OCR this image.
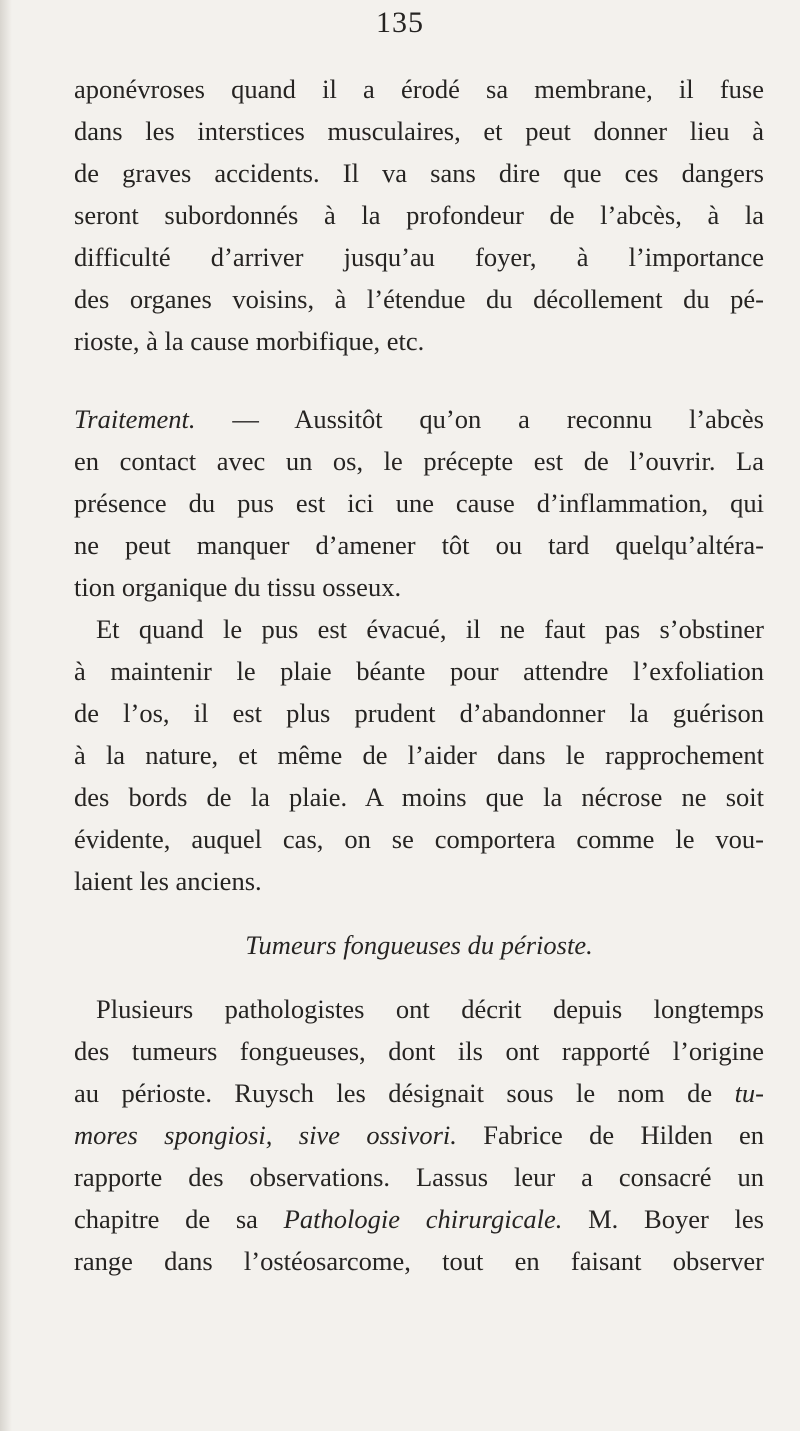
135
aponévroses quand il a érodé sa membrane, il fuse
dans les interstices musculaires, et peut donner lieu à
de graves accidents. Il va sans dire que ces dangers
seront subordonnés à la profondeur de l’abcès, à la
difficulté d’arriver jusqu’au foyer, à l’importance
des organes voisins, à l’étendue du décollement du pé-
rioste, à la cause morbifique, etc.
Traitement. — Aussitôt qu’on a reconnu l’abcès
en contact avec un os, le précepte est de l’ouvrir. La
présence du pus est ici une cause d’inflammation, qui
ne peut manquer d’amener tôt ou tard quelqu’altéra-
tion organique du tissu osseux.
Et quand le pus est évacué, il ne faut pas s’obstiner
à maintenir le plaie béante pour attendre l’exfoliation
de l’os, il est plus prudent d’abandonner la guérison
à la nature, et même de l’aider dans le rapprochement
des bords de la plaie. A moins que la nécrose ne soit
évidente, auquel cas, on se comportera comme le vou-
laient les anciens.
Tumeurs fongueuses du périoste.
Plusieurs pathologistes ont décrit depuis longtemps
des tumeurs fongueuses, dont ils ont rapporté l’origine
au périoste. Ruysch les désignait sous le nom de tu-
mores spongiosi, sive ossivori. Fabrice de Hilden en
rapporte des observations. Lassus leur a consacré un
chapitre de sa Pathologie chirurgicale. M. Boyer les
range dans l’ostéosarcome, tout en faisant observer
